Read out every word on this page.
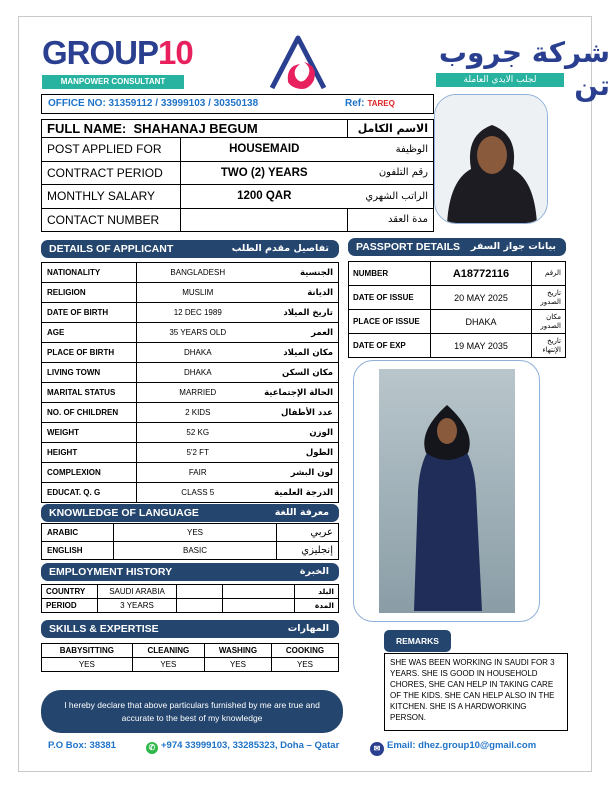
GROUP10
MANPOWER CONSULTANT
شركة جروب تن
لجلب الايدي العاملة
OFFICE NO: 31359112 / 33999103 / 30350138	Ref: TAREQ
FULL NAME: SHAHANAJ BEGUM		الاسم الكامل
POST APPLIED FOR	HOUSEMAID	الوظيفة
CONTRACT PERIOD	TWO (2) YEARS	رقم التلفون
MONTHLY SALARY	1200 QAR	الراتب الشهري
CONTACT NUMBER		مدة العقد
DETAILS OF APPLICANT	تفاصيل مقدم الطلب
NATIONALITY	BANGLADESH	الجنسية
RELIGION	MUSLIM	الديانة
DATE OF BIRTH	12 DEC 1989	تاريخ الميلاد
AGE	35 YEARS OLD	العمر
PLACE OF BIRTH	DHAKA	مكان الميلاد
LIVING TOWN	DHAKA	مكان السكن
MARITAL STATUS	MARRIED	الحالة الإجتماعية
NO. OF CHILDREN	2 KIDS	عدد الأطفال
WEIGHT	52 KG	الوزن
HEIGHT	5'2 FT	الطول
COMPLEXION	FAIR	لون البشر
EDUCAT. Q. G	CLASS 5	الدرجة العلمية
PASSPORT DETAILS بيانات جواز السفر
NUMBER	A18772116	الرقم
DATE OF ISSUE	20 MAY 2025	تاريخ الصدور
PLACE OF ISSUE	DHAKA	مكان الصدور
DATE OF EXP	19 MAY 2035	تاريخ الإنتهاء
KNOWLEDGE OF LANGUAGE	معرفة اللغة
ARABIC	YES	عربي
ENGLISH	BASIC	إنجليزي
EMPLOYMENT HISTORY	الخبرة
COUNTRY	SAUDI ARABIA			البلد
PERIOD	3 YEARS			المدة
SKILLS & EXPERTISE	المهارات
BABYSITTING	CLEANING	WASHING	COOKING
YES	YES	YES	YES
REMARKS
SHE WAS BEEN WORKING IN SAUDI FOR 3 YEARS. SHE IS GOOD IN HOUSEHOLD CHORES, SHE CAN HELP IN TAKING CARE OF THE KIDS. SHE CAN HELP ALSO IN THE KITCHEN. SHE IS A HARDWORKING PERSON.
I hereby declare that above particulars furnished by me are true and accurate to the best of my knowledge
P.O Box: 38381	✆ +974 33999103, 33285323, Doha – Qatar	✉ Email: dhez.group10@gmail.com
